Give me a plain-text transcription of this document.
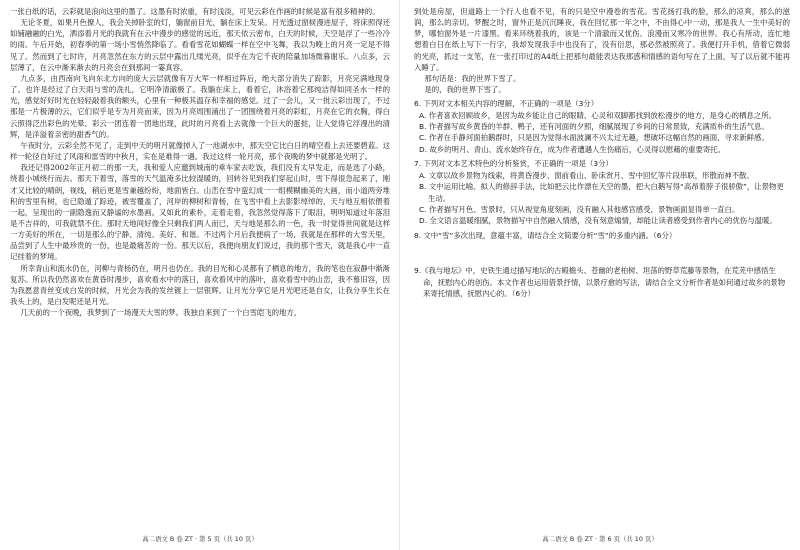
一张白纸的话，云彩就是浪向这里的墨了。这墨有时浓重，有时浅淡，可见云彩在作画的时候是富有很多精神的。

无论冬夏，如果月色撩人，我会关掉卧室的灯，躺窗前目光，躺在床上发呆。月光透过窗棂漫进屋子，将床照得还如铺融融的白光，洒添着月光的我就有在云中漫步的感觉的远近，那天依云密布，白天的时候，天空是浮了一些冷冷的雨。午后开始，初春季的第一场小雪悄然降临了。看看雪花如蝴蝶一样在空中飞舞，我以为晚上的月亮一定是不得见了。然而到了七时许，月亮忽然在东方的云层中露出几缕光亮，似乎在为它千夜的陪量加场微暮谢乐。八点多，云层薄了，在云中渐来渐去的月亮会在到那间一霎真容。

九点多，由西南向飞向东北方向的庞大云层就像有万大军一样相过阵后，绝大部分消失了踪影，月亮完满地现身了。也许是经过了白天雨与雪的洗礼，它明净清澈极了。我躺在床上，看着它，沐浴着它那纯洁得如同圣水一样的光，感觉好好时光在轻轻敲着我的额头，心里有一种极其温存和幸福的感觉。过了一会儿，又一批云彩出现了，不过那是一片极薄的云，它们似乎是专为月亮而来，因为月亮周围涌出了一团围绕着月亮的彩虹，月亮在它的衣胸，得白云照得泛出彩色的光晕。彩云一团连着一团地出现，此时的月亮看上去就像一个巨大的蛋挞，让人觉得它浮漫出的清辉，是洋溢着亲密的甜香气的。

午夜时分，云彩全然不见了，走到中天的明月就像掉入了一池湖水中，那天空它比白日的晴空看上去还要碧蓝。这样一轮径自好过了风雨和雷雪的中秋月，实在是难得一遇。我过这样一轮月亮，那个夜晚的梦中就都是光明了。

我还记得2002年正月初二的那一天，我和爱人应邀到城南的乘车家去吃饭，我们没有太早发走，而是选了小路，绕着小城绕行而去。那天下着雪，落雪的天气温淹多比较湿暖的，回转谷见到我们穿起山时，雪下得很急起来了，刚才又比较的晴朗，视线，稍后更是雪兼越纷纷，地面皆白。山峦在雪中蛮幻成一一组模糊幽美的大画，而小道两旁堆积的雪里有树，也已隐遁了踪迹，被雪覆盖了，河岸的柳树和青杨，在飞雪中看上去影影绰绰的，天与地互相依偎着一起，呈现出的一副隐逸而又静谧的水墨画。又如此的素朴，走着走着，我忽然觉得落下了眼泪，明明知道过年落泪是不吉祥的，可我就禁不住。那时天地间好像全只剩我们两人而已，天与地是那么的一色，我一时觉得世间就是这样一方美好的所在，一切是那么的宁静、清纯、美好、和谐。不过两个月后我便病了一场，我就是在那样的大雪天里，品尝到了人生中最珍贵的一份，也是最痛苦的一份。那天以后，我便向朋友们说过，我的那个雪天，就是我心中一直记挂着的梦境。

所幸青山和流水仍在，河柳与青杨仍在，明月也仍在。我的目光和心灵都有了栖息的地方，我的笔也在寂静中渐渐复苏。所以我仍然喜欢在黄昏时漫步，喜欢看水中的落日，喜欢看风中的落叶，喜欢看雪中的山峦，我不慕旧容，因为我愿意青丝变成白发的时候，月光会为我的发丝镀上一层银辉。让月光分享它是月光吧还是自女，让我分享生长在我头上的，是白发呢还是月光。

几天前的一个夜晚，我梦到了一场漫天大雪的梦。我独自来到了一个白雪皑飞的地方，

高二语文 B 卷 ZT · 第 5 页（共 10 页）

到处是房屋，但道路上一个行人也看不见，有的只是空中漫卷的雪花。雪花扬打我的脸，那么的凉爽，那么的滋润，那么的亲切。梦醒之时，窗外正是沉沉睡夜，我在回忆那一年之中，不由得心中一动，那是我人一生中美好的梦，哪怕窗外是一片漆黑。看来环绕着我的，该是一个清澈而又忧伤、浪漫而又寒冷的世界。我心有所动，连忙地想着白日在纸上写下一行字，我却发现我手中也没有了，没有衍思，那必然被照亮了。我便打开手机，借着它微弱的光亮，抓过一支笔，在一张打印过的A4纸上把那句最能表达我那惑和情感的语句写在了上面，写了以后就不能再入睡了。

那句话是：我的世界下雪了。

是的，我的世界下雪了。

6. 下列对文本相关内容的理解，不正确的一项是（3分）

A. 作者喜欢回顾故乡，是因为故乡能让自己的眼睛、心灵和双脚都找到放松漫步的地方，是身心的栖息之所。

B. 作者描写故乡黄昏的羊群、鸭子，还有河面的夕照，细腻展现了乡间的日常景致，充满质朴的生活气息。

C. 作者在手静河面拍鹅群时，只是因为觉得水面波澜不兴太过无趣，想破坏这幅自然的画面，寻求新鲜感。

D. 故乡的明月、青山、流水始终存在，成为作者遭遇人生伤痛后，心灵得以慰藉的重要寄托。

7. 下列对文本艺术特色的分析鉴赏，不正确的一项是（3分）

A. 文章以故乡景物为线索，将黄昏漫步、窗前看山、卧床赏月、雪中回忆等片段串联，形散而神不散。

B. 文中运用比喻、拟人的修辞手法，比如把云比作漂在天空的墨，把大白鹅写得“高昂着脖子很骄傲”，让景物更生动。

C. 作者描写月色、雪景时，只从视觉角度刻画，没有融入其他感官感受，景物画面显得单一直白。

D. 全文语言温暖细腻，景物描写中自然融入情感，没有刻意煽情，却能让读者感受到作者内心的优伤与温暖。

8. 文中“雪”多次出现，意蕴丰富，请结合全文简要分析“雪”的多重内涵。（6分）

9.《我与地坛》中，史铁生通过描写地坛的古殿檐头、苍幽的老柏树、坦荡的野草荒藤等景物，在荒芜中感悟生命，抚慰内心的创伤。本文作者也运用借景抒情，以景疗愈的写法，请结合全文分析作者是如何通过故乡的景物来寄托情感，抚慰内心的。（6分）

高二语文 B 卷 ZT · 第 6 页（共 10 页）
